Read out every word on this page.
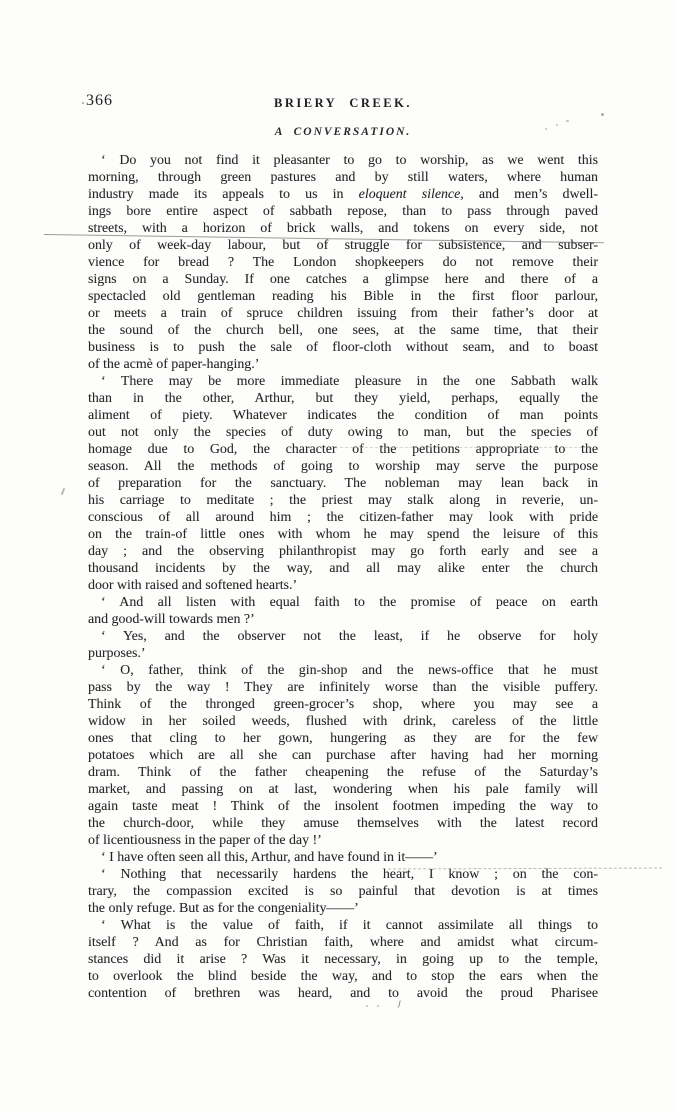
366	BRIERY CREEK.
A CONVERSATION.
‘ Do you not find it pleasanter to go to worship, as we went this
morning, through green pastures and by still waters, where human
industry made its appeals to us in eloquent silence, and men’s dwell-
ings bore entire aspect of sabbath repose, than to pass through paved
streets, with a horizon of brick walls, and tokens on every side, not
only of week-day labour, but of struggle for subsistence, and subser-
vience for bread ? The London shopkeepers do not remove their
signs on a Sunday. If one catches a glimpse here and there of a
spectacled old gentleman reading his Bible in the first floor parlour,
or meets a train of spruce children issuing from their father’s door at
the sound of the church bell, one sees, at the same time, that their
business is to push the sale of floor-cloth without seam, and to boast
of the acmè of paper-hanging.’
‘ There may be more immediate pleasure in the one Sabbath walk
than in the other, Arthur, but they yield, perhaps, equally the
aliment of piety. Whatever indicates the condition of man points
out not only the species of duty owing to man, but the species of
homage due to God, the character of the petitions appropriate to the
season. All the methods of going to worship may serve the purpose
of preparation for the sanctuary. The nobleman may lean back in
his carriage to meditate ; the priest may stalk along in reverie, un-
conscious of all around him ; the citizen-father may look with pride
on the train-of little ones with whom he may spend the leisure of this
day ; and the observing philanthropist may go forth early and see a
thousand incidents by the way, and all may alike enter the church
door with raised and softened hearts.’
‘ And all listen with equal faith to the promise of peace on earth
and good-will towards men ?’
‘ Yes, and the observer not the least, if he observe for holy
purposes.’
‘ O, father, think of the gin-shop and the news-office that he must
pass by the way ! They are infinitely worse than the visible puffery.
Think of the thronged green-grocer’s shop, where you may see a
widow in her soiled weeds, flushed with drink, careless of the little
ones that cling to her gown, hungering as they are for the few
potatoes which are all she can purchase after having had her morning
dram. Think of the father cheapening the refuse of the Saturday’s
market, and passing on at last, wondering when his pale family will
again taste meat ! Think of the insolent footmen impeding the way to
the church-door, while they amuse themselves with the latest record
of licentiousness in the paper of the day !’
‘ I have often seen all this, Arthur, and have found in it——’
‘ Nothing that necessarily hardens the heart, I know ; on the con-
trary, the compassion excited is so painful that devotion is at times
the only refuge. But as for the congeniality——’
‘ What is the value of faith, if it cannot assimilate all things to
itself ? And as for Christian faith, where and amidst what circum-
stances did it arise ? Was it necessary, in going up to the temple,
to overlook the blind beside the way, and to stop the ears when the
contention of brethren was heard, and to avoid the proud Pharisee
